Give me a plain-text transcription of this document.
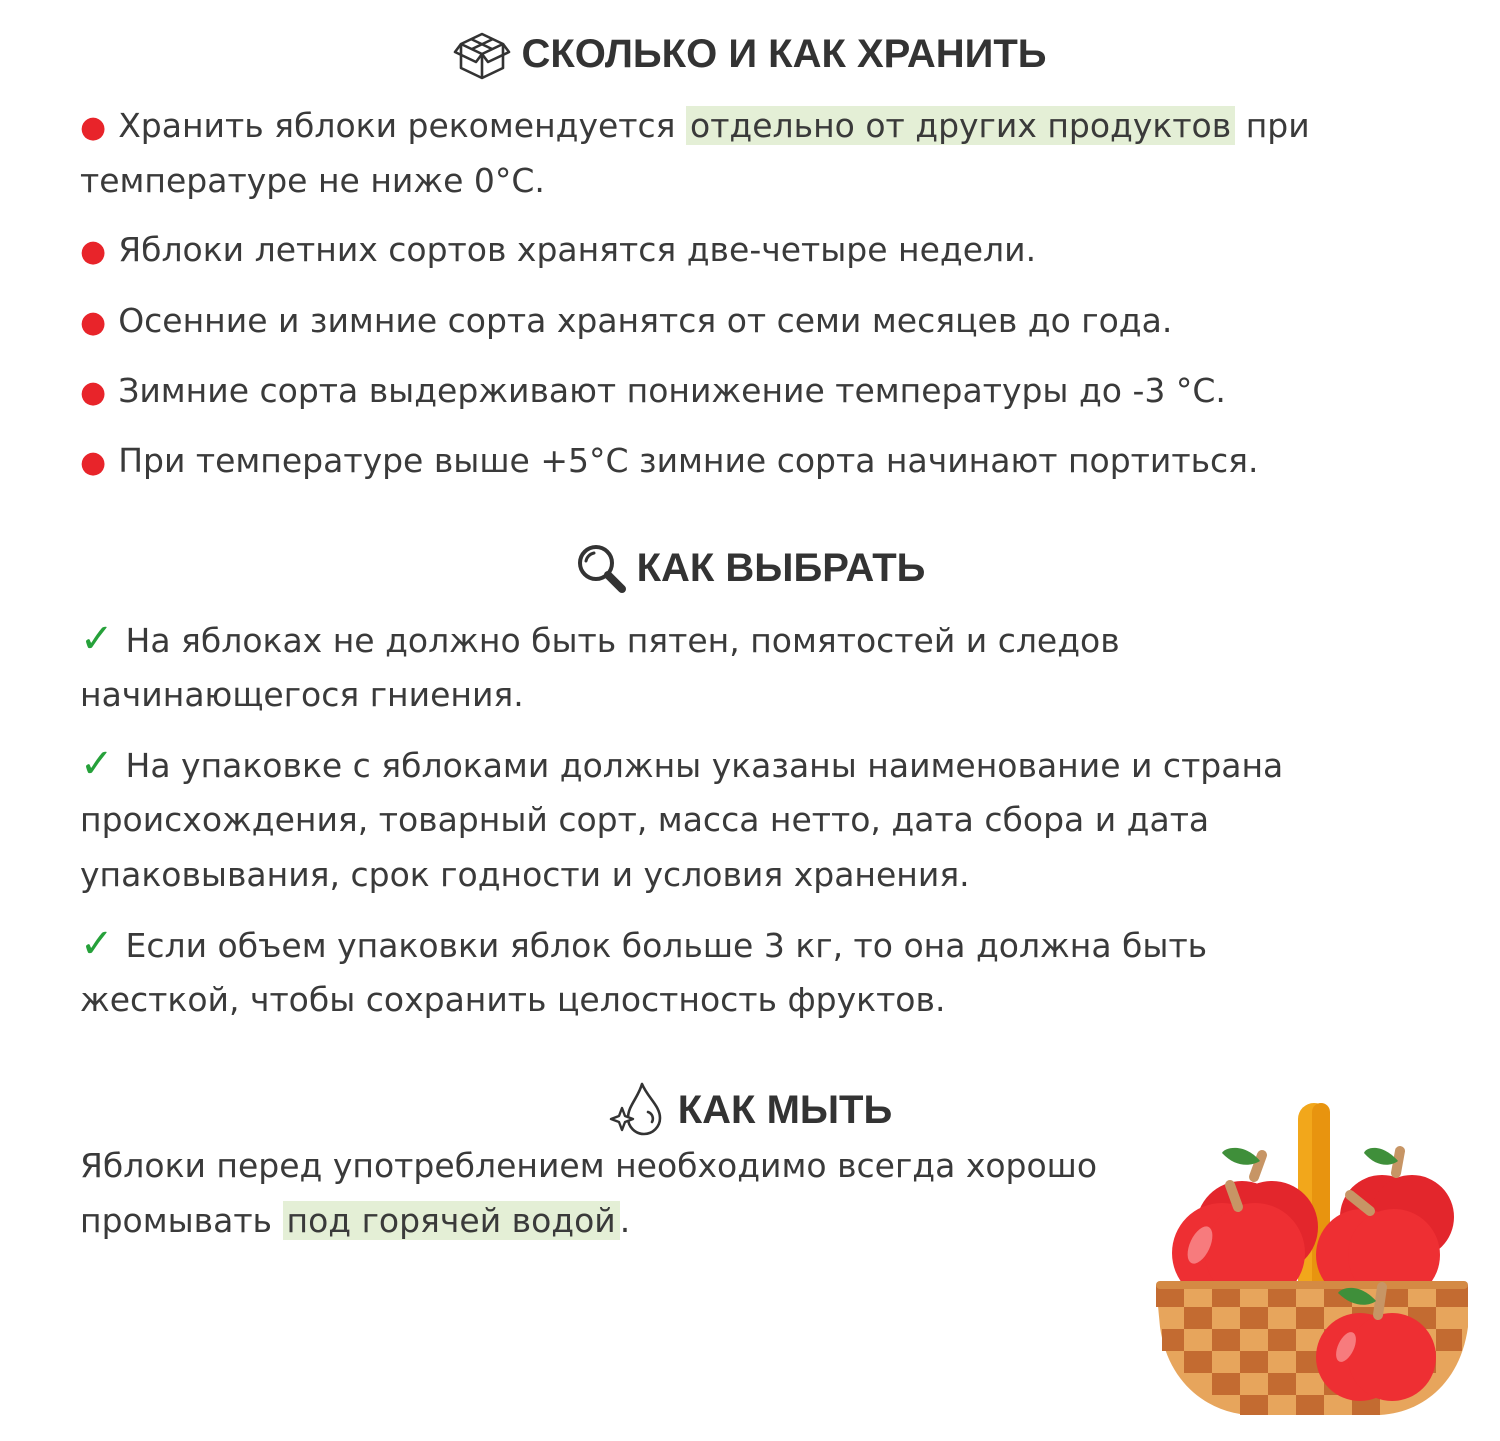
СКОЛЬКО И КАК ХРАНИТЬ
● Хранить яблоки рекомендуется отдельно от других продуктов при
температуре не ниже 0°С.
● Яблоки летних сортов хранятся две-четыре недели.
● Осенние и зимние сорта хранятся от семи месяцев до года.
● Зимние сорта выдерживают понижение температуры до -3 °С.
● При температуре выше +5°С зимние сорта начинают портиться.
КАК ВЫБРАТЬ
✓ На яблоках не должно быть пятен, помятостей и следов
начинающегося гниения.
✓ На упаковке с яблоками должны указаны наименование и страна
происхождения, товарный сорт, масса нетто, дата сбора и дата
упаковывания, срок годности и условия хранения.
✓ Если объем упаковки яблок больше 3 кг, то она должна быть
жесткой, чтобы сохранить целостность фруктов.
КАК МЫТЬ
Яблоки перед употреблением необходимо всегда хорошо
промывать под горячей водой .
